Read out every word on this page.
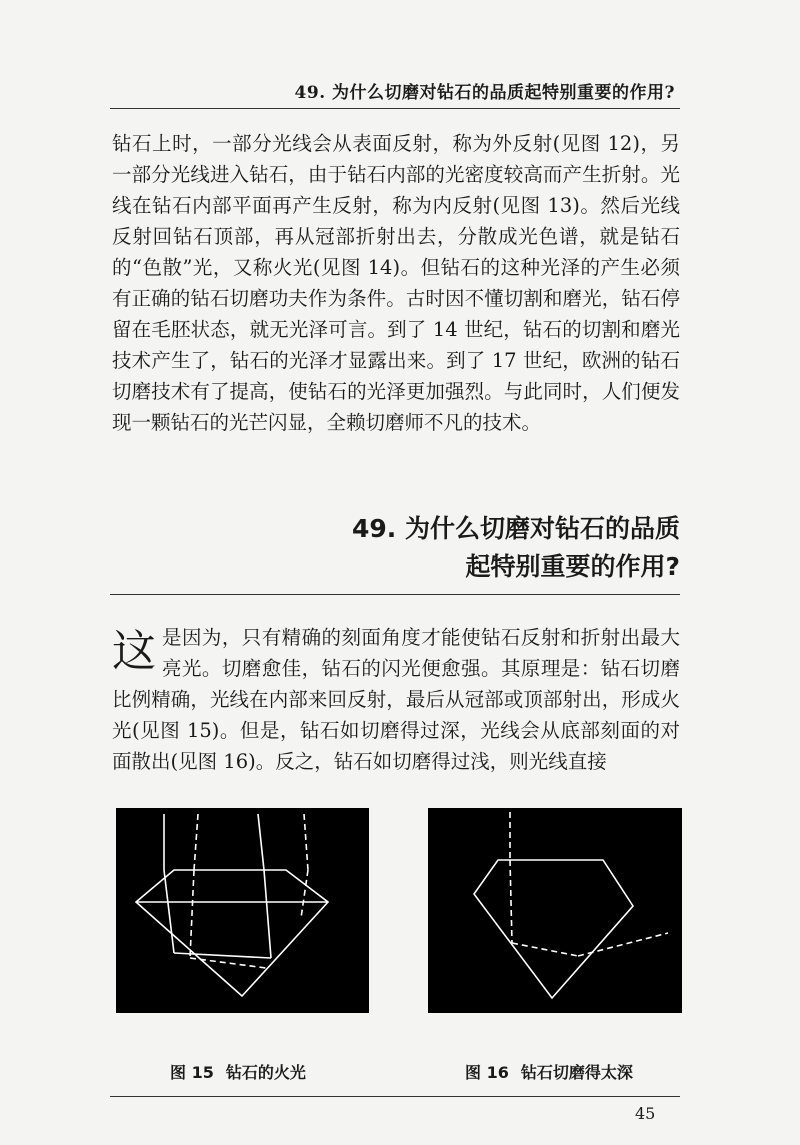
49. 为什么切磨对钻石的品质起特别重要的作用?
钻石上时，一部分光线会从表面反射，称为外反射(见图 12)，另一部分光线进入钻石，由于钻石内部的光密度较高而产生折射。光线在钻石内部平面再产生反射，称为内反射(见图 13)。然后光线反射回钻石顶部，再从冠部折射出去，分散成光色谱，就是钻石的“色散”光，又称火光(见图 14)。但钻石的这种光泽的产生必须有正确的钻石切磨功夫作为条件。古时因不懂切割和磨光，钻石停留在毛胚状态，就无光泽可言。到了 14 世纪，钻石的切割和磨光技术产生了，钻石的光泽才显露出来。到了 17 世纪，欧洲的钻石切磨技术有了提高，使钻石的光泽更加强烈。与此同时，人们便发现一颗钻石的光芒闪显，全赖切磨师不凡的技术。
49. 为什么切磨对钻石的品质
起特别重要的作用?
这 是因为，只有精确的刻面角度才能使钻石反射和折射出最大亮光。切磨愈佳，钻石的闪光便愈强。其原理是：钻石切磨比例精确，光线在内部来回反射，最后从冠部或顶部射出，形成火光(见图 15)。但是，钻石如切磨得过深，光线会从底部刻面的对面散出(见图 16)。反之，钻石如切磨得过浅，则光线直接
图 15 钻石的火光	图 16 钻石切磨得太深
45
